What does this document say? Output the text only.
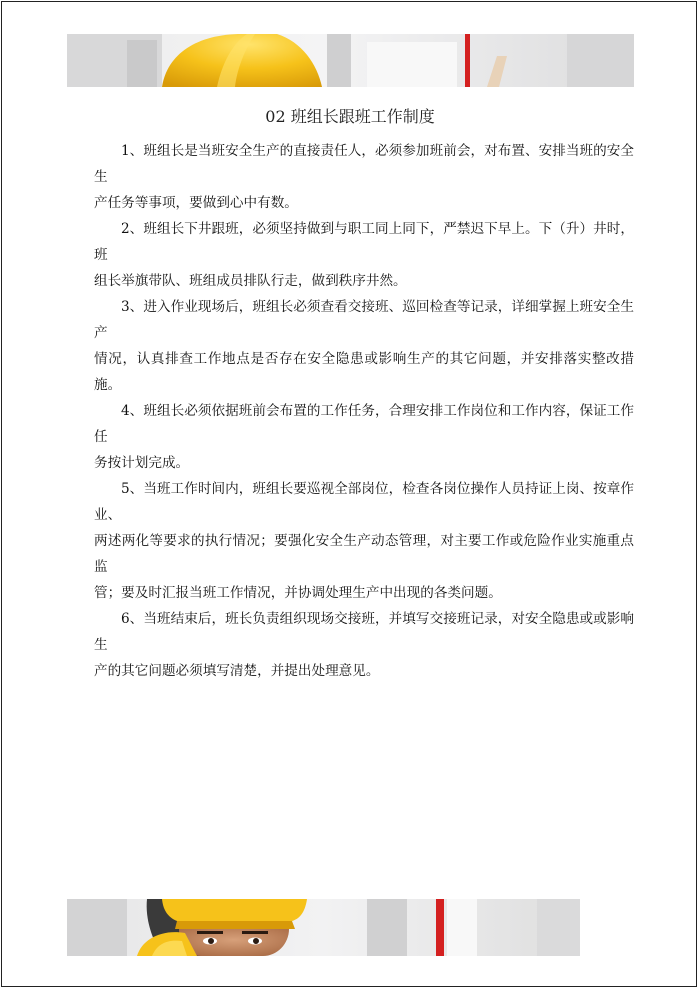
02 班组长跟班工作制度

1、班组长是当班安全生产的直接责任人，必须参加班前会，对布置、安排当班的安全生
产任务等事项，要做到心中有数。

2、班组长下井跟班，必须坚持做到与职工同上同下，严禁迟下早上。下（升）井时，班
组长举旗带队、班组成员排队行走，做到秩序井然。

3、进入作业现场后，班组长必须查看交接班、巡回检查等记录，详细掌握上班安全生产
情况，认真排查工作地点是否存在安全隐患或影响生产的其它问题，并安排落实整改措施。

4、班组长必须依据班前会布置的工作任务，合理安排工作岗位和工作内容，保证工作任
务按计划完成。

5、当班工作时间内，班组长要巡视全部岗位，检查各岗位操作人员持证上岗、按章作业、
两述两化等要求的执行情况；要强化安全生产动态管理，对主要工作或危险作业实施重点监
管；要及时汇报当班工作情况，并协调处理生产中出现的各类问题。

6、当班结束后，班长负责组织现场交接班，并填写交接班记录，对安全隐患或或影响生
产的其它问题必须填写清楚，并提出处理意见。
